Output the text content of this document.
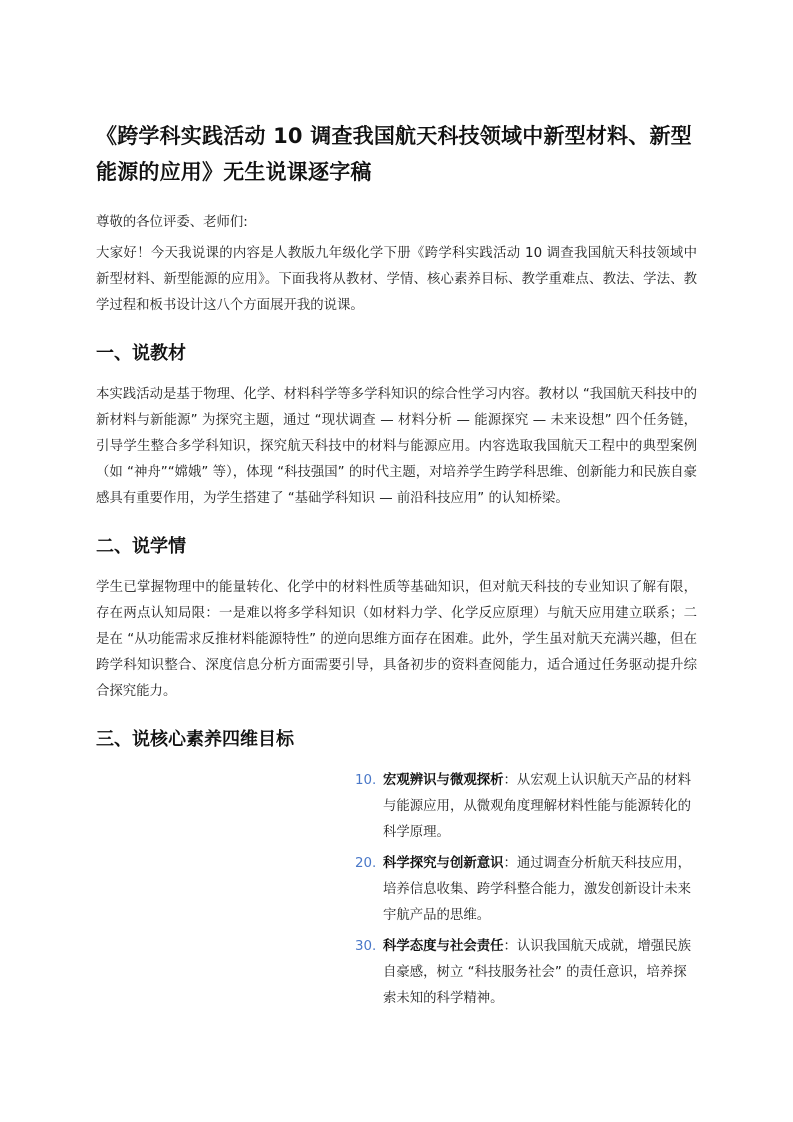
《跨学科实践活动 10 调查我国航天科技领域中新型材料、新型能源的应用》无生说课逐字稿

尊敬的各位评委、老师们:

大家好！今天我说课的内容是人教版九年级化学下册《跨学科实践活动 10 调查我国航天科技领域中新型材料、新型能源的应用》。下面我将从教材、学情、核心素养目标、教学重难点、教法、学法、教学过程和板书设计这八个方面展开我的说课。

一、说教材

本实践活动是基于物理、化学、材料科学等多学科知识的综合性学习内容。教材以 “我国航天科技中的新材料与新能源” 为探究主题，通过 “现状调查 — 材料分析 — 能源探究 — 未来设想” 四个任务链，引导学生整合多学科知识，探究航天科技中的材料与能源应用。内容选取我国航天工程中的典型案例（如 “神舟”“嫦娥” 等），体现 “科技强国” 的时代主题，对培养学生跨学科思维、创新能力和民族自豪感具有重要作用，为学生搭建了 “基础学科知识 — 前沿科技应用” 的认知桥梁。

二、说学情

学生已掌握物理中的能量转化、化学中的材料性质等基础知识，但对航天科技的专业知识了解有限，存在两点认知局限：一是难以将多学科知识（如材料力学、化学反应原理）与航天应用建立联系；二是在 “从功能需求反推材料能源特性” 的逆向思维方面存在困难。此外，学生虽对航天充满兴趣，但在跨学科知识整合、深度信息分析方面需要引导，具备初步的资料查阅能力，适合通过任务驱动提升综合探究能力。

三、说核心素养四维目标
10. 宏观辨识与微观探析：从宏观上认识航天产品的材料与能源应用，从微观角度理解材料性能与能源转化的科学原理。
20. 科学探究与创新意识：通过调查分析航天科技应用，培养信息收集、跨学科整合能力，激发创新设计未来宇航产品的思维。
30. 科学态度与社会责任：认识我国航天成就，增强民族自豪感，树立 “科技服务社会” 的责任意识，培养探索未知的科学精神。
